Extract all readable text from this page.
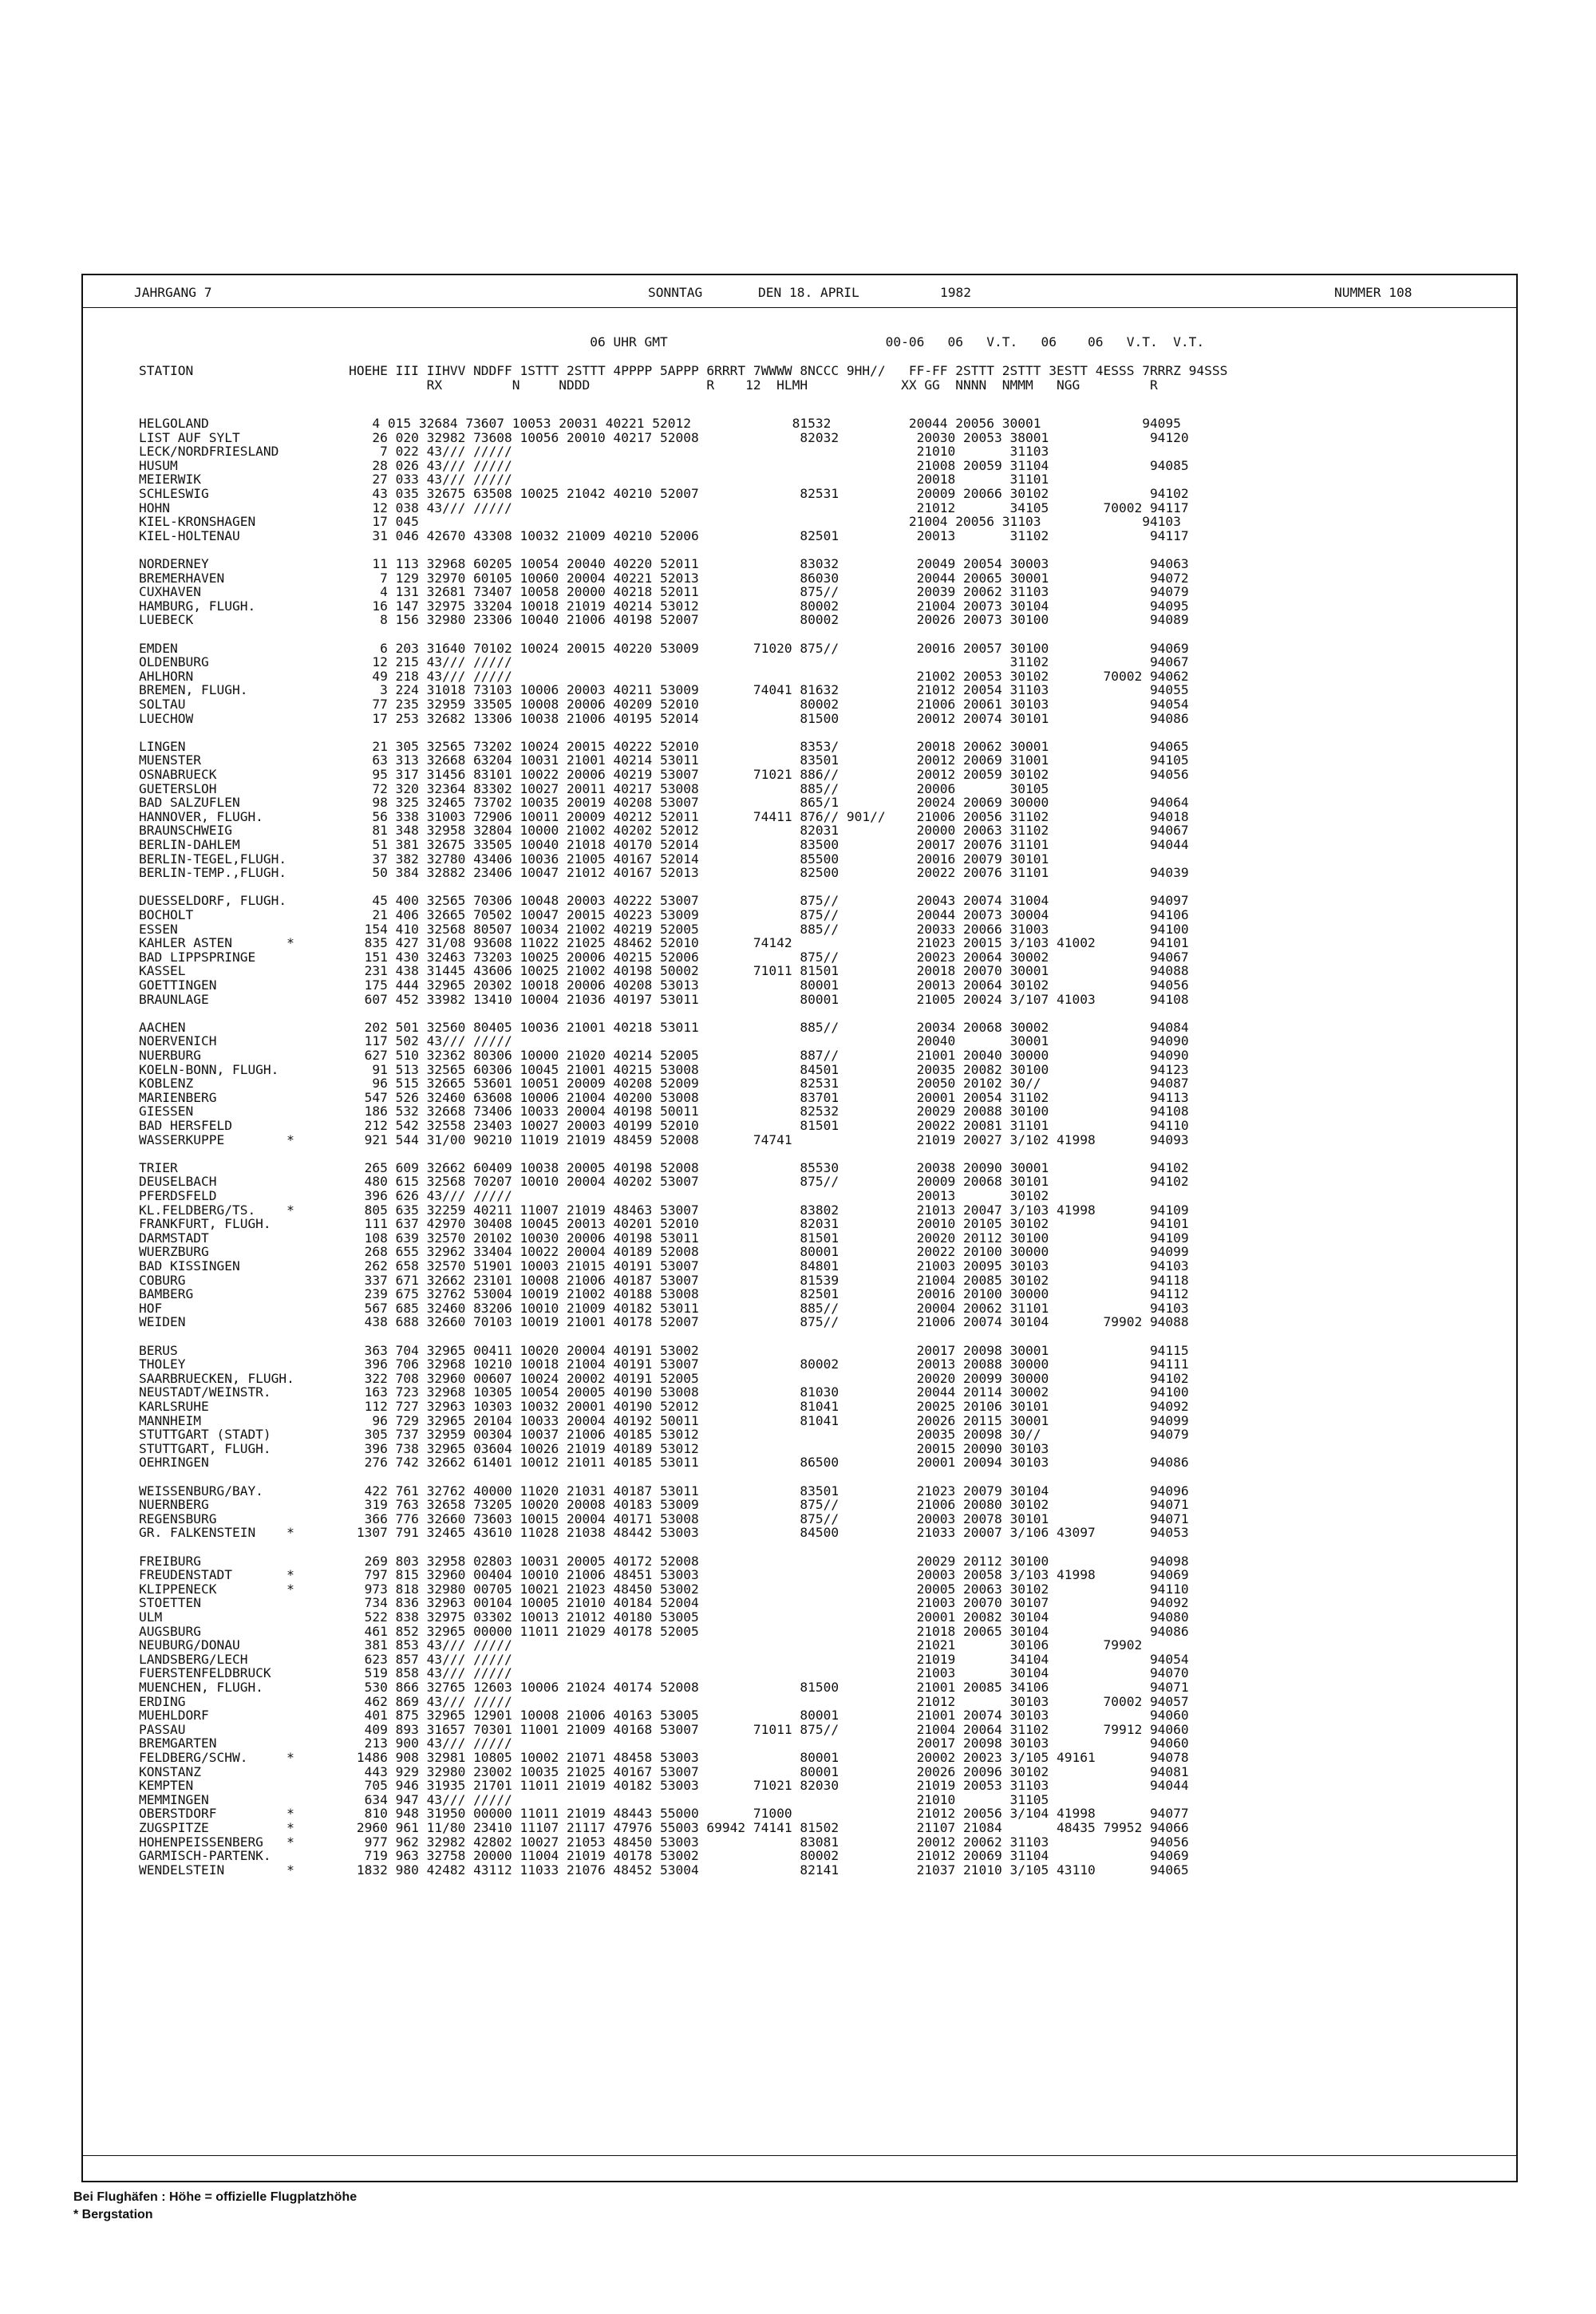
JAHRGANG 7	SONNTAG	DEN 18. APRIL	1982	NUMMER 108
06 UHR GMT                            00-06   06   V.T.   06    06   V.T.  V.T.
STATION                    HOEHE III IIHVV NDDFF 1STTT 2STTT 4PPPP 5APPP 6RRRT 7WWWW 8NCCC 9HH//   FF-FF 2STTT 2STTT 3ESTT 4ESSS 7RRRZ 94SSS
RX         N     NDDD               R    12  HLMH            XX GG  NNNN  NMMM   NGG         R
HELGOLAND                     4 015 32684 73607 10053 20031 40221 52012             81532          20044 20056 30001             94095
LIST AUF SYLT                 26 020 32982 73608 10056 20010 40217 52008             82032          20030 20053 38001             94120
LECK/NORDFRIESLAND             7 022 43/// /////                                                    21010       31103
HUSUM                         28 026 43/// /////                                                    21008 20059 31104             94085
MEIERWIK                      27 033 43/// /////                                                    20018       31101
SCHLESWIG                     43 035 32675 63508 10025 21042 40210 52007             82531          20009 20066 30102             94102
HOHN                          12 038 43/// /////                                                    21012       34105       70002 94117
KIEL-KRONSHAGEN               17 045                                                               21004 20056 31103             94103
KIEL-HOLTENAU                 31 046 42670 43308 10032 21009 40210 52006             82501          20013       31102             94117
NORDERNEY                     11 113 32968 60205 10054 20040 40220 52011             83032          20049 20054 30003             94063
BREMERHAVEN                    7 129 32970 60105 10060 20004 40221 52013             86030          20044 20065 30001             94072
CUXHAVEN                       4 131 32681 73407 10058 20000 40218 52011             875//          20039 20062 31103             94079
HAMBURG, FLUGH.               16 147 32975 33204 10018 21019 40214 53012             80002          21004 20073 30104             94095
LUEBECK                        8 156 32980 23306 10040 21006 40198 52007             80002          20026 20073 30100             94089
EMDEN                          6 203 31640 70102 10024 20015 40220 53009       71020 875//          20016 20057 30100             94069
OLDENBURG                     12 215 43/// /////                                                                31102             94067
AHLHORN                       49 218 43/// /////                                                    21002 20053 30102       70002 94062
BREMEN, FLUGH.                 3 224 31018 73103 10006 20003 40211 53009       74041 81632          21012 20054 31103             94055
SOLTAU                        77 235 32959 33505 10008 20006 40209 52010             80002          21006 20061 30103             94054
LUECHOW                       17 253 32682 13306 10038 21006 40195 52014             81500          20012 20074 30101             94086
LINGEN                        21 305 32565 73202 10024 20015 40222 52010             8353/          20018 20062 30001             94065
MUENSTER                      63 313 32668 63204 10031 21001 40214 53011             83501          20012 20069 31001             94105
OSNABRUECK                    95 317 31456 83101 10022 20006 40219 53007       71021 886//          20012 20059 30102             94056
GUETERSLOH                    72 320 32364 83302 10027 20011 40217 53008             885//          20006       30105
BAD SALZUFLEN                 98 325 32465 73702 10035 20019 40208 53007             865/1          20024 20069 30000             94064
HANNOVER, FLUGH.              56 338 31003 72906 10011 20009 40212 52011       74411 876// 901//    21006 20056 31102             94018
BRAUNSCHWEIG                  81 348 32958 32804 10000 21002 40202 52012             82031          20000 20063 31102             94067
BERLIN-DAHLEM                 51 381 32675 33505 10040 21018 40170 52014             83500          20017 20076 31101             94044
BERLIN-TEGEL,FLUGH.           37 382 32780 43406 10036 21005 40167 52014             85500          20016 20079 30101
BERLIN-TEMP.,FLUGH.           50 384 32882 23406 10047 21012 40167 52013             82500          20022 20076 31101             94039
DUESSELDORF, FLUGH.           45 400 32565 70306 10048 20003 40222 53007             875//          20043 20074 31004             94097
BOCHOLT                       21 406 32665 70502 10047 20015 40223 53009             875//          20044 20073 30004             94106
ESSEN                        154 410 32568 80507 10034 21002 40219 52005             885//          20033 20066 31003             94100
KAHLER ASTEN       *         835 427 31/08 93608 11022 21025 48462 52010       74142                21023 20015 3/103 41002       94101
BAD LIPPSPRINGE              151 430 32463 73203 10025 20006 40215 52006             875//          20023 20064 30002             94067
KASSEL                       231 438 31445 43606 10025 21002 40198 50002       71011 81501          20018 20070 30001             94088
GOETTINGEN                   175 444 32965 20302 10018 20006 40208 53013             80001          20013 20064 30102             94056
BRAUNLAGE                    607 452 33982 13410 10004 21036 40197 53011             80001          21005 20024 3/107 41003       94108
AACHEN                       202 501 32560 80405 10036 21001 40218 53011             885//          20034 20068 30002             94084
NOERVENICH                   117 502 43/// /////                                                    20040       30001             94090
NUERBURG                     627 510 32362 80306 10000 21020 40214 52005             887//          21001 20040 30000             94090
KOELN-BONN, FLUGH.            91 513 32565 60306 10045 21001 40215 53008             84501          20035 20082 30100             94123
KOBLENZ                       96 515 32665 53601 10051 20009 40208 52009             82531          20050 20102 30//              94087
MARIENBERG                   547 526 32460 63608 10006 21004 40200 53008             83701          20001 20054 31102             94113
GIESSEN                      186 532 32668 73406 10033 20004 40198 50011             82532          20029 20088 30100             94108
BAD HERSFELD                 212 542 32558 23403 10027 20003 40199 52010             81501          20022 20081 31101             94110
WASSERKUPPE        *         921 544 31/00 90210 11019 21019 48459 52008       74741                21019 20027 3/102 41998       94093
TRIER                        265 609 32662 60409 10038 20005 40198 52008             85530          20038 20090 30001             94102
DEUSELBACH                   480 615 32568 70207 10010 20004 40202 53007             875//          20009 20068 30101             94102
PFERDSFELD                   396 626 43/// /////                                                    20013       30102
KL.FELDBERG/TS.    *         805 635 32259 40211 11007 21019 48463 53007             83802          21013 20047 3/103 41998       94109
FRANKFURT, FLUGH.            111 637 42970 30408 10045 20013 40201 52010             82031          20010 20105 30102             94101
DARMSTADT                    108 639 32570 20102 10030 20006 40198 53011             81501          20020 20112 30100             94109
WUERZBURG                    268 655 32962 33404 10022 20004 40189 52008             80001          20022 20100 30000             94099
BAD KISSINGEN                262 658 32570 51901 10003 21015 40191 53007             84801          21003 20095 30103             94103
COBURG                       337 671 32662 23101 10008 21006 40187 53007             81539          21004 20085 30102             94118
BAMBERG                      239 675 32762 53004 10019 21002 40188 53008             82501          20016 20100 30000             94112
HOF                          567 685 32460 83206 10010 21009 40182 53011             885//          20004 20062 31101             94103
WEIDEN                       438 688 32660 70103 10019 21001 40178 52007             875//          21006 20074 30104       79902 94088
BERUS                        363 704 32965 00411 10020 20004 40191 53002                            20017 20098 30001             94115
THOLEY                       396 706 32968 10210 10018 21004 40191 53007             80002          20013 20088 30000             94111
SAARBRUECKEN, FLUGH.         322 708 32960 00607 10024 20002 40191 52005                            20020 20099 30000             94102
NEUSTADT/WEINSTR.            163 723 32968 10305 10054 20005 40190 53008             81030          20044 20114 30002             94100
KARLSRUHE                    112 727 32963 10303 10032 20001 40190 52012             81041          20025 20106 30101             94092
MANNHEIM                      96 729 32965 20104 10033 20004 40192 50011             81041          20026 20115 30001             94099
STUTTGART (STADT)            305 737 32959 00304 10037 21006 40185 53012                            20035 20098 30//              94079
STUTTGART, FLUGH.            396 738 32965 03604 10026 21019 40189 53012                            20015 20090 30103
OEHRINGEN                    276 742 32662 61401 10012 21011 40185 53011             86500          20001 20094 30103             94086
WEISSENBURG/BAY.             422 761 32762 40000 11020 21031 40187 53011             83501          21023 20079 30104             94096
NUERNBERG                    319 763 32658 73205 10020 20008 40183 53009             875//          21006 20080 30102             94071
REGENSBURG                   366 776 32660 73603 10015 20004 40171 53008             875//          20003 20078 30101             94071
GR. FALKENSTEIN    *        1307 791 32465 43610 11028 21038 48442 53003             84500          21033 20007 3/106 43097       94053
FREIBURG                     269 803 32958 02803 10031 20005 40172 52008                            20029 20112 30100             94098
FREUDENSTADT       *         797 815 32960 00404 10010 21006 48451 53003                            20003 20058 3/103 41998       94069
KLIPPENECK         *         973 818 32980 00705 10021 21023 48450 53002                            20005 20063 30102             94110
STOETTEN                     734 836 32963 00104 10005 21010 40184 52004                            21003 20070 30107             94092
ULM                          522 838 32975 03302 10013 21012 40180 53005                            20001 20082 30104             94080
AUGSBURG                     461 852 32965 00000 11011 21029 40178 52005                            21018 20065 30104             94086
NEUBURG/DONAU                381 853 43/// /////                                                    21021       30106       79902
LANDSBERG/LECH               623 857 43/// /////                                                    21019       34104             94054
FUERSTENFELDBRUCK            519 858 43/// /////                                                    21003       30104             94070
MUENCHEN, FLUGH.             530 866 32765 12603 10006 21024 40174 52008             81500          21001 20085 34106             94071
ERDING                       462 869 43/// /////                                                    21012       30103       70002 94057
MUEHLDORF                    401 875 32965 12901 10008 21006 40163 53005             80001          21001 20074 30103             94060
PASSAU                       409 893 31657 70301 11001 21009 40168 53007       71011 875//          21004 20064 31102       79912 94060
BREMGARTEN                   213 900 43/// /////                                                    20017 20098 30103             94060
FELDBERG/SCHW.     *        1486 908 32981 10805 10002 21071 48458 53003             80001          20002 20023 3/105 49161       94078
KONSTANZ                     443 929 32980 23002 10035 21025 40167 53007             80001          20026 20096 30102             94081
KEMPTEN                      705 946 31935 21701 11011 21019 40182 53003       71021 82030          21019 20053 31103             94044
MEMMINGEN                    634 947 43/// /////                                                    21010       31105
OBERSTDORF         *         810 948 31950 00000 11011 21019 48443 55000       71000                21012 20056 3/104 41998       94077
ZUGSPITZE          *        2960 961 11/80 23410 11107 21117 47976 55003 69942 74141 81502          21107 21084       48435 79952 94066
HOHENPEISSENBERG   *         977 962 32982 42802 10027 21053 48450 53003             83081          20012 20062 31103             94056
GARMISCH-PARTENK.            719 963 32758 20000 11004 21019 40178 53002             80002          21012 20069 31104             94069
WENDELSTEIN        *        1832 980 42482 43112 11033 21076 48452 53004             82141          21037 21010 3/105 43110       94065
Bei Flughäfen : Höhe = offizielle Flugplatzhöhe
* Bergstation
